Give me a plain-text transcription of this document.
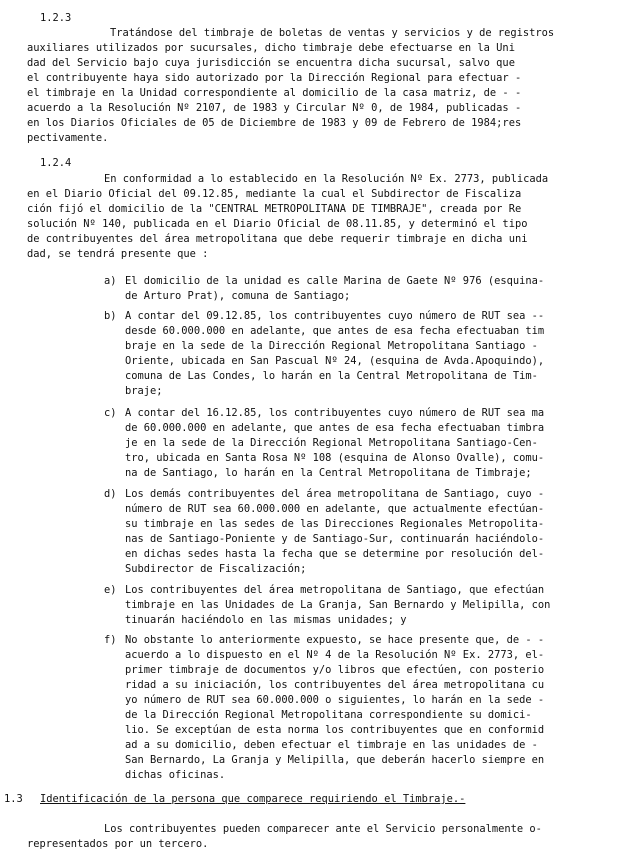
1.2.3
Tratándose del timbraje de boletas de ventas y servicios y de registros
auxiliares utilizados por sucursales, dicho timbraje debe efectuarse en la Uni
dad del Servicio bajo cuya jurisdicción se encuentra dicha sucursal, salvo que
el contribuyente haya sido autorizado por la Dirección Regional para efectuar -
el timbraje en la Unidad correspondiente al domicilio de la casa matriz, de - -
acuerdo a la Resolución Nº 2107, de 1983 y Circular Nº 0, de 1984, publicadas -
en los Diarios Oficiales de 05 de Diciembre de 1983 y 09 de Febrero de 1984;res
pectivamente.
1.2.4
En conformidad a lo establecido en la Resolución Nº Ex. 2773, publicada
en el Diario Oficial del 09.12.85, mediante la cual el Subdirector de Fiscaliza
ción fijó el domicilio de la "CENTRAL METROPOLITANA DE TIMBRAJE", creada por Re
solución Nº 140, publicada en el Diario Oficial de 08.11.85, y determinó el tipo
de contribuyentes del área metropolitana que debe requerir timbraje en dicha uni
dad, se tendrá presente que :
a) El domicilio de la unidad es calle Marina de Gaete Nº 976 (esquina-
de Arturo Prat), comuna de Santiago;
b) A contar del 09.12.85, los contribuyentes cuyo número de RUT sea --
desde 60.000.000 en adelante, que antes de esa fecha efectuaban tim
braje en la sede de la Dirección Regional Metropolitana Santiago -
Oriente, ubicada en San Pascual Nº 24, (esquina de Avda.Apoquindo),
comuna de Las Condes, lo harán en la Central Metropolitana de Tim-
braje;
c) A contar del 16.12.85, los contribuyentes cuyo número de RUT sea ma
de 60.000.000 en adelante, que antes de esa fecha efectuaban timbra
je en la sede de la Dirección Regional Metropolitana Santiago-Cen-
tro, ubicada en Santa Rosa Nº 108 (esquina de Alonso Ovalle), comu-
na de Santiago, lo harán en la Central Metropolitana de Timbraje;
d) Los demás contribuyentes del área metropolitana de Santiago, cuyo -
número de RUT sea 60.000.000 en adelante, que actualmente efectúan-
su timbraje en las sedes de las Direcciones Regionales Metropolita-
nas de Santiago-Poniente y de Santiago-Sur, continuarán haciéndolo-
en dichas sedes hasta la fecha que se determine por resolución del-
Subdirector de Fiscalización;
e) Los contribuyentes del área metropolitana de Santiago, que efectúan
timbraje en las Unidades de La Granja, San Bernardo y Melipilla, con
tinuarán haciéndolo en las mismas unidades; y
f) No obstante lo anteriormente expuesto, se hace presente que, de - -
acuerdo a lo dispuesto en el Nº 4 de la Resolución Nº Ex. 2773, el-
primer timbraje de documentos y/o libros que efectúen, con posterio
ridad a su iniciación, los contribuyentes del área metropolitana cu
yo número de RUT sea 60.000.000 o siguientes, lo harán en la sede -
de la Dirección Regional Metropolitana correspondiente su domici-
lio. Se exceptúan de esta norma los contribuyentes que en conformid
ad a su domicilio, deben efectuar el timbraje en las unidades de -
San Bernardo, La Granja y Melipilla, que deberán hacerlo siempre en
dichas oficinas.
1.3 Identificación de la persona que comparece requiriendo el Timbraje.-
Los contribuyentes pueden comparecer ante el Servicio personalmente o-
representados por un tercero.
